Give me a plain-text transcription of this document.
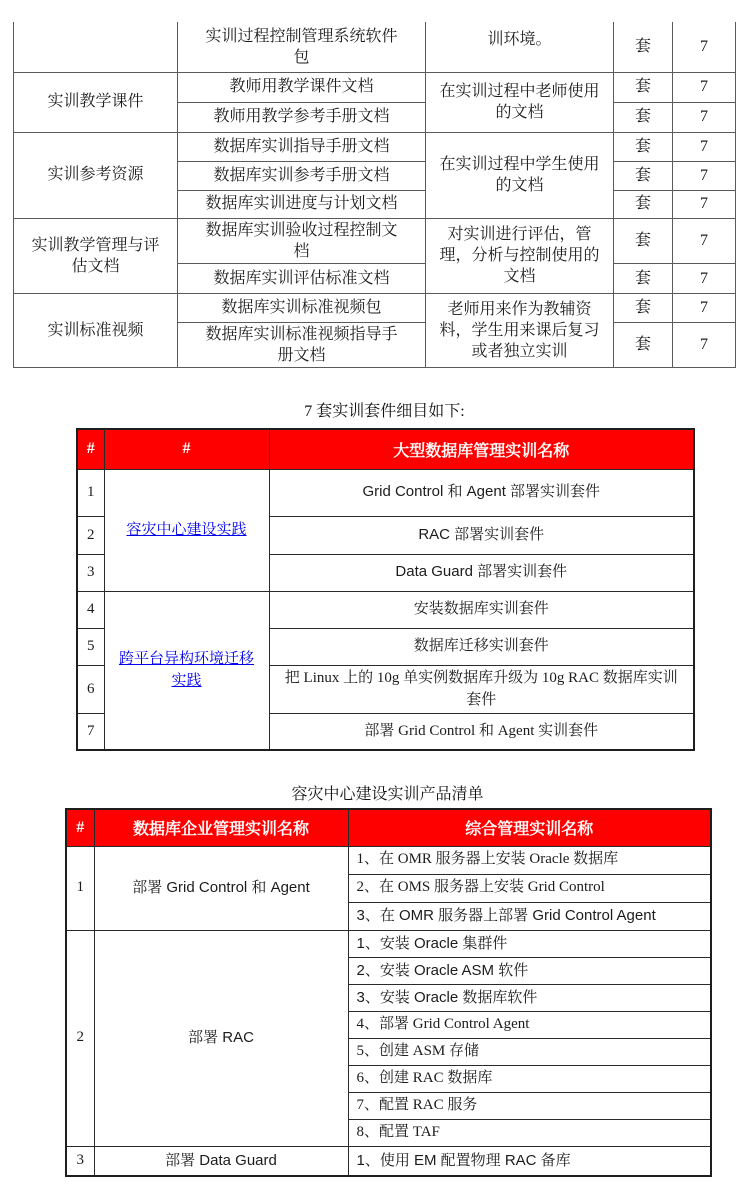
	实训过程控制管理系统软件包	训环境。	套	7
实训教学课件	教师用教学课件文档	在实训过程中老师使用的文档	套	7
	教师用教学参考手册文档		套	7
实训参考资源	数据库实训指导手册文档	在实训过程中学生使用的文档	套	7
	数据库实训参考手册文档		套	7
	数据库实训进度与计划文档		套	7
实训教学管理与评估文档	数据库实训验收过程控制文档	对实训进行评估，管理，分析与控制使用的文档	套	7
	数据库实训评估标准文档		套	7
实训标准视频	数据库实训标准视频包	老师用来作为教辅资料，学生用来课后复习或者独立实训	套	7
	数据库实训标准视频指导手册文档		套	7
7 套实训套件细目如下:
#	#	大型数据库管理实训名称
1	容灾中心建设实践	Grid Control 和 Agent 部署实训套件
2		RAC 部署实训套件
3		Data Guard 部署实训套件
4	跨平台异构环境迁移实践	安装数据库实训套件
5		数据库迁移实训套件
6		把 Linux 上的 10g 单实例数据库升级为 10g RAC 数据库实训套件
7		部署 Grid Control 和 Agent 实训套件
容灾中心建设实训产品清单
#	数据库企业管理实训名称	综合管理实训名称
1	部署 Grid Control 和 Agent	1、在 OMR 服务器上安装 Oracle 数据库
		2、在 OMS 服务器上安装 Grid Control
		3、在 OMR 服务器上部署 Grid Control Agent
2	部署 RAC	1、安装 Oracle 集群件
		2、安装 Oracle ASM 软件
		3、安装 Oracle 数据库软件
		4、部署 Grid Control Agent
		5、创建 ASM 存储
		6、创建 RAC 数据库
		7、配置 RAC 服务
		8、配置 TAF
3	部署 Data Guard	1、使用 EM 配置物理 RAC 备库
